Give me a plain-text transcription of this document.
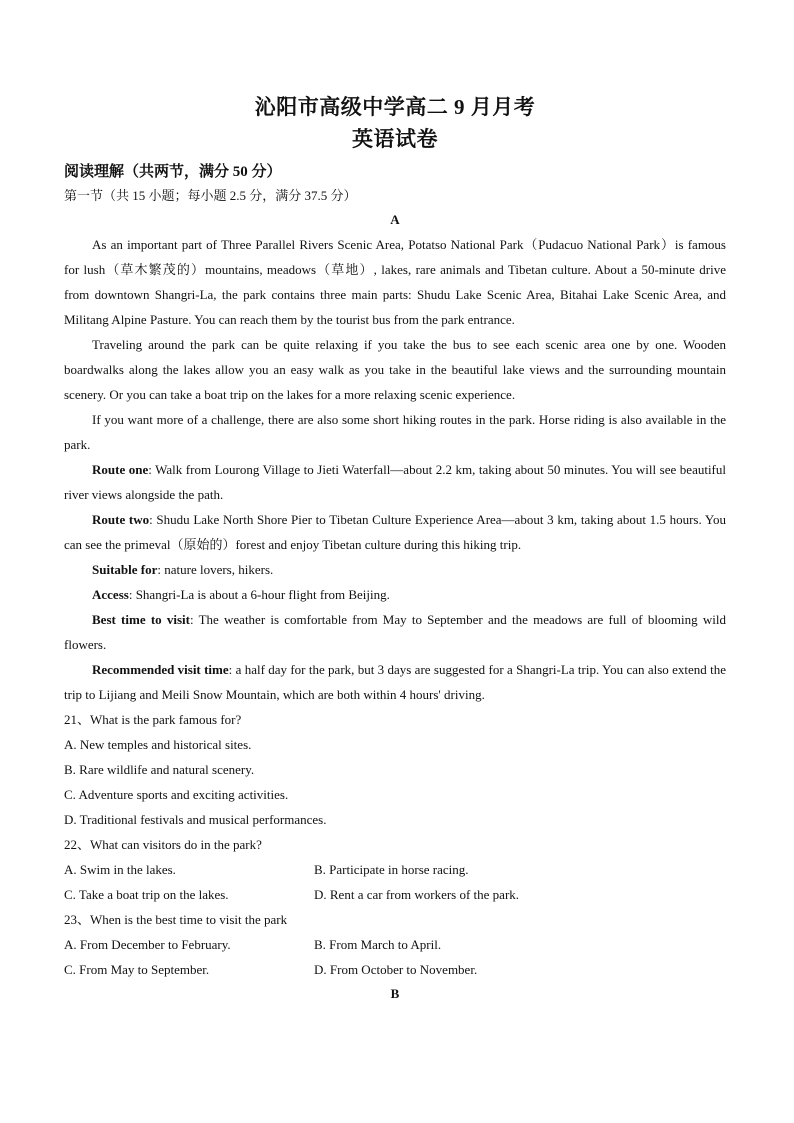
沁阳市高级中学高二 9 月月考
英语试卷
阅读理解（共两节，满分 50 分）
第一节（共 15 小题；每小题 2.5 分，满分 37.5 分）
A

As an important part of Three Parallel Rivers Scenic Area, Potatso National Park（Pudacuo National Park）is famous for lush（草木繁茂的）mountains, meadows（草地）, lakes, rare animals and Tibetan culture. About a 50-minute drive from downtown Shangri-La, the park contains three main parts: Shudu Lake Scenic Area, Bitahai Lake Scenic Area, and Militang Alpine Pasture. You can reach them by the tourist bus from the park entrance.

Traveling around the park can be quite relaxing if you take the bus to see each scenic area one by one. Wooden boardwalks along the lakes allow you an easy walk as you take in the beautiful lake views and the surrounding mountain scenery. Or you can take a boat trip on the lakes for a more relaxing scenic experience.

If you want more of a challenge, there are also some short hiking routes in the park. Horse riding is also available in the park.

Route one: Walk from Lourong Village to Jieti Waterfall—about 2.2 km, taking about 50 minutes. You will see beautiful river views alongside the path.

Route two: Shudu Lake North Shore Pier to Tibetan Culture Experience Area—about 3 km, taking about 1.5 hours. You can see the primeval（原始的）forest and enjoy Tibetan culture during this hiking trip.

Suitable for: nature lovers, hikers.

Access: Shangri-La is about a 6-hour flight from Beijing.

Best time to visit: The weather is comfortable from May to September and the meadows are full of blooming wild flowers.

Recommended visit time: a half day for the park, but 3 days are suggested for a Shangri-La trip. You can also extend the trip to Lijiang and Meili Snow Mountain, which are both within 4 hours' driving.

21、What is the park famous for?
A. New temples and historical sites.
B. Rare wildlife and natural scenery.
C. Adventure sports and exciting activities.
D. Traditional festivals and musical performances.
22、What can visitors do in the park?
A. Swim in the lakes.	B. Participate in horse racing.
C. Take a boat trip on the lakes.	D. Rent a car from workers of the park.
23、When is the best time to visit the park
A. From December to February.	B. From March to April.
C. From May to September.	D. From October to November.
B
